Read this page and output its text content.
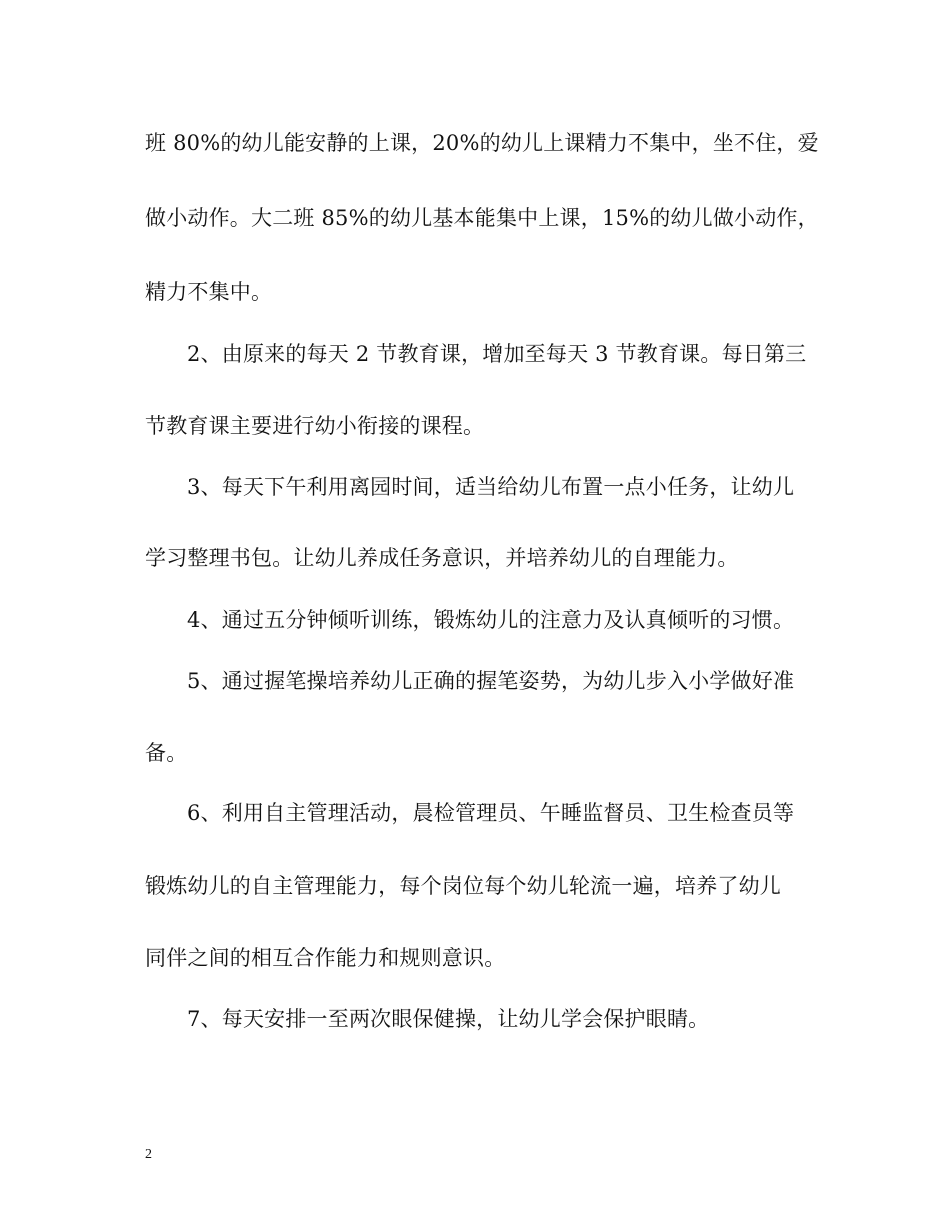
班 80%的幼儿能安静的上课，20%的幼儿上课精力不集中，坐不住，爱
做小动作。大二班 85%的幼儿基本能集中上课，15%的幼儿做小动作，
精力不集中。
2、由原来的每天 2 节教育课，增加至每天 3 节教育课。每日第三
节教育课主要进行幼小衔接的课程。
3、每天下午利用离园时间，适当给幼儿布置一点小任务，让幼儿
学习整理书包。让幼儿养成任务意识，并培养幼儿的自理能力。
4、通过五分钟倾听训练，锻炼幼儿的注意力及认真倾听的习惯。
5、通过握笔操培养幼儿正确的握笔姿势，为幼儿步入小学做好准
备。
6、利用自主管理活动，晨检管理员、午睡监督员、卫生检查员等
锻炼幼儿的自主管理能力，每个岗位每个幼儿轮流一遍，培养了幼儿
同伴之间的相互合作能力和规则意识。
7、每天安排一至两次眼保健操，让幼儿学会保护眼睛。
2
